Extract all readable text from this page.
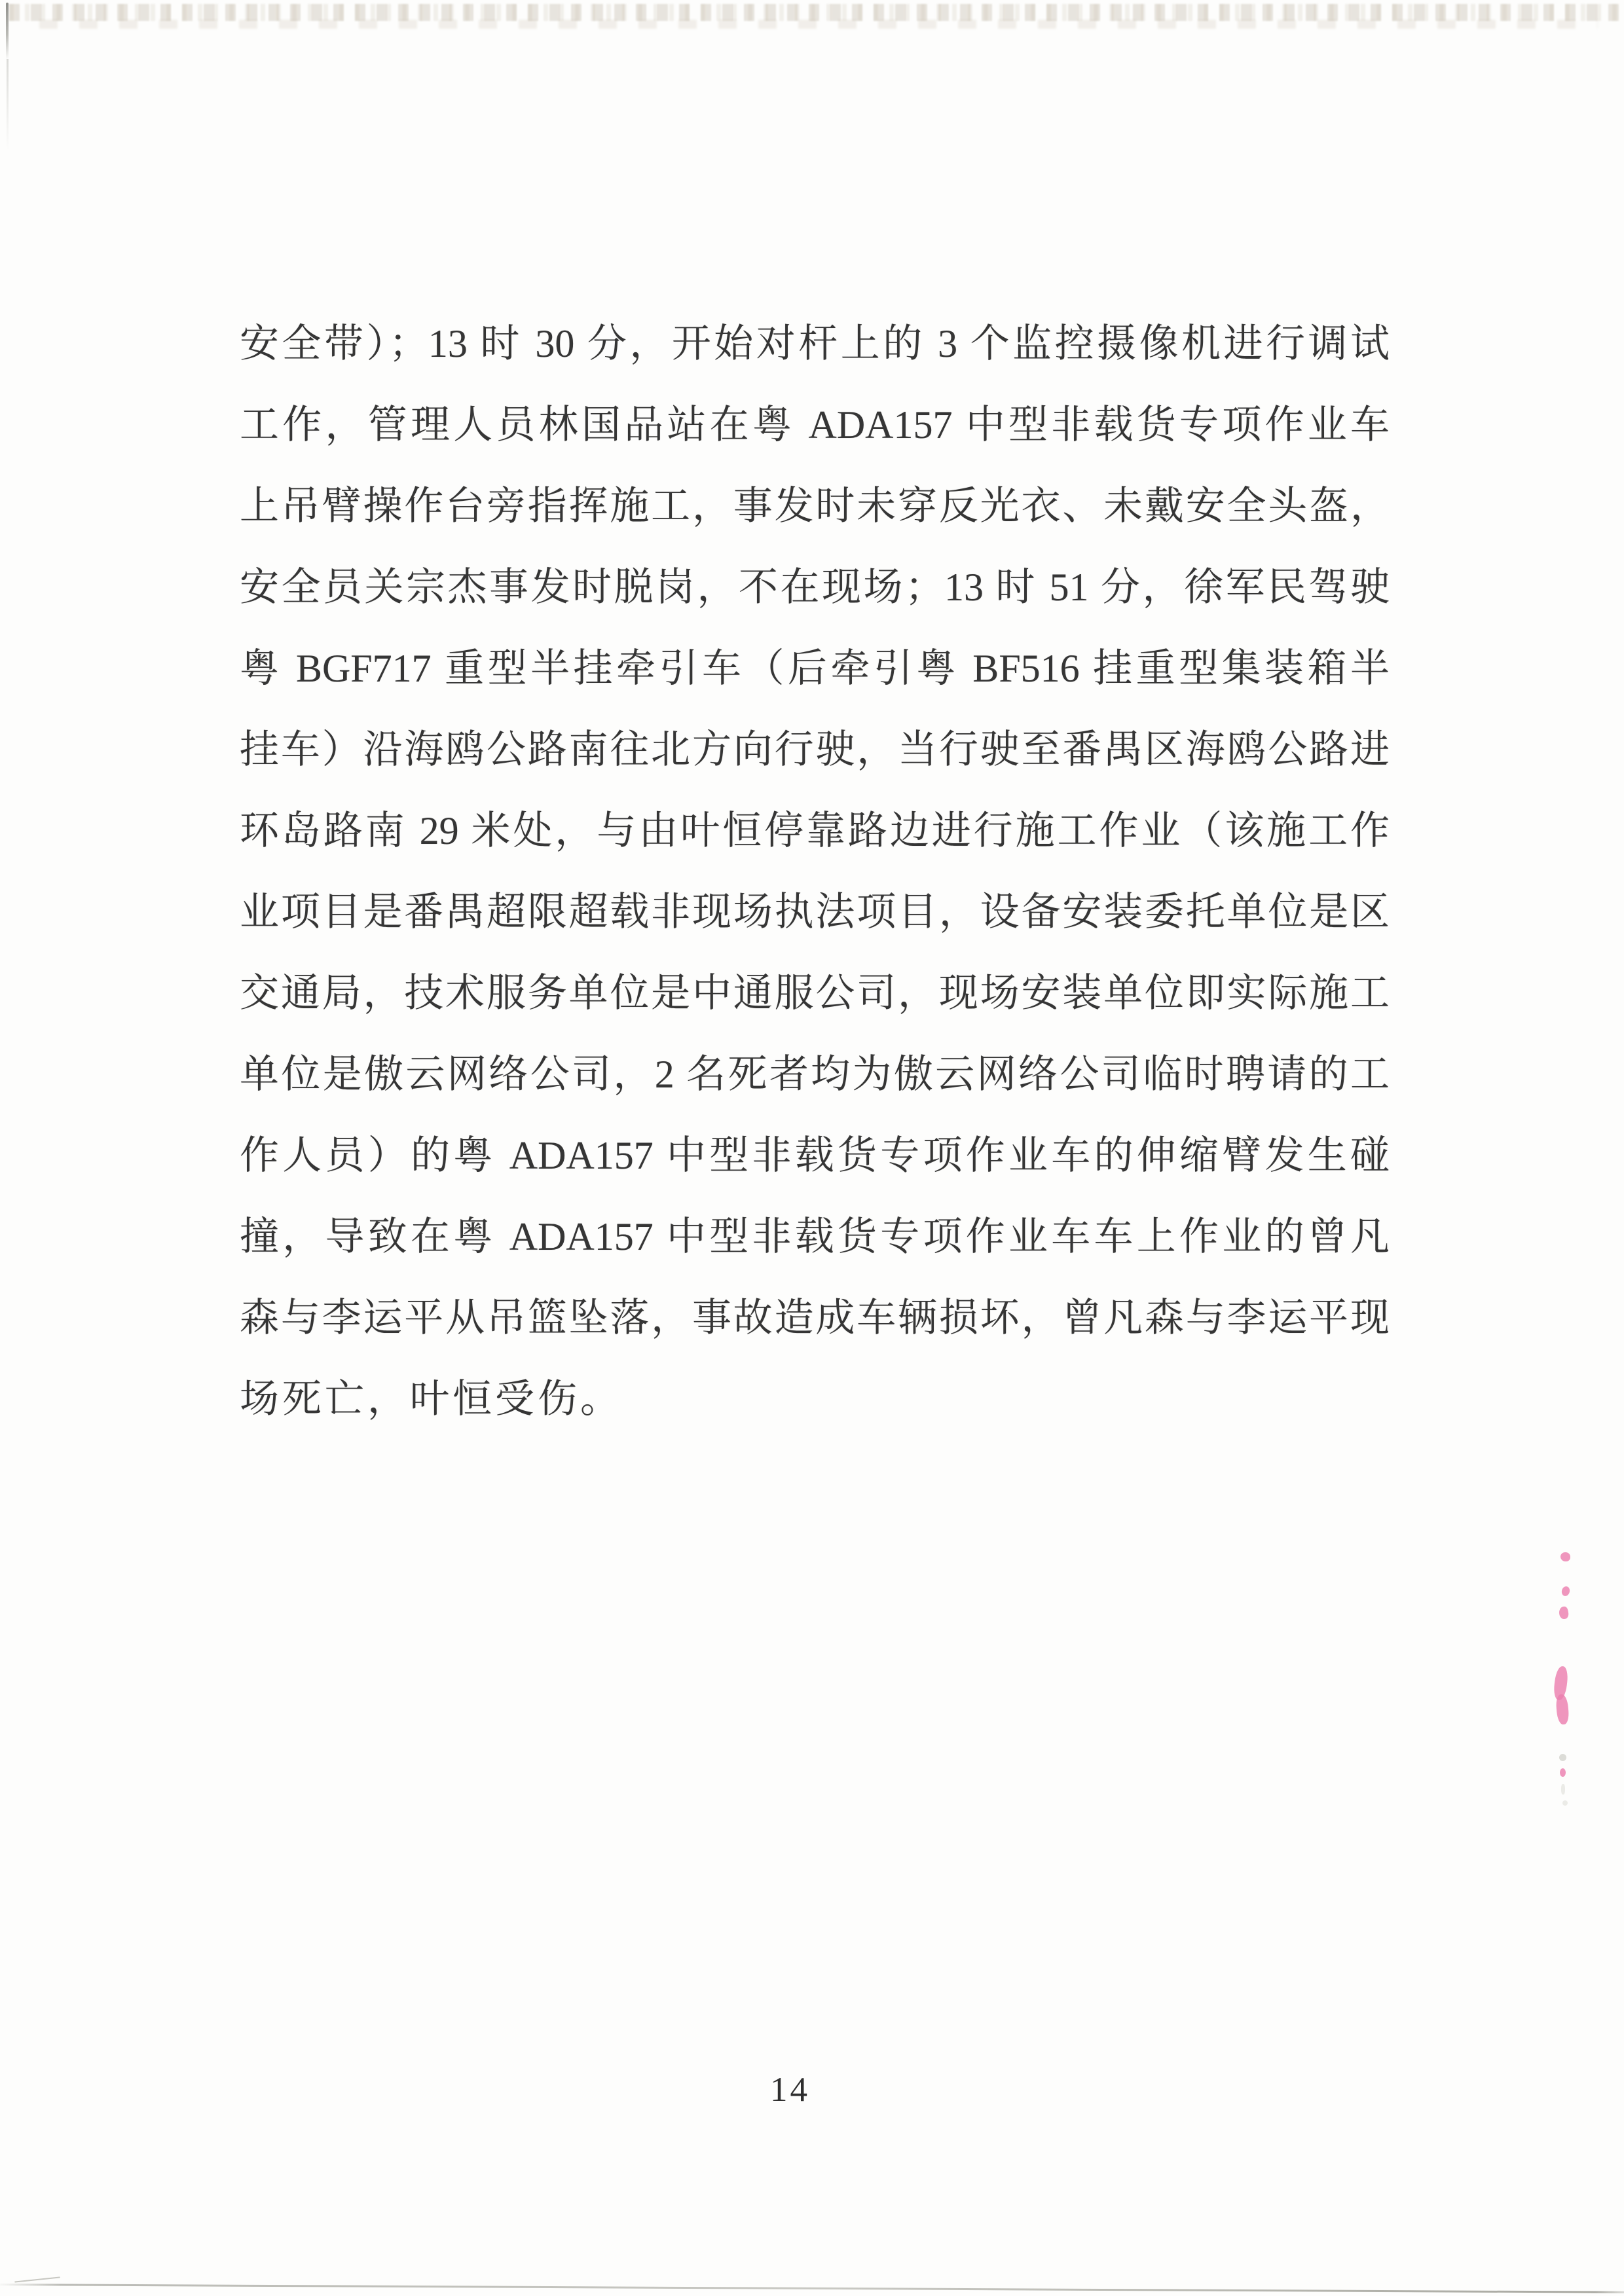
安全带）；13 时 30 分，开始对杆上的 3 个监控摄像机进行调试
工作，管理人员林国品站在粤 ADA157 中型非载货专项作业车
上吊臂操作台旁指挥施工，事发时未穿反光衣、未戴安全头盔，
安全员关宗杰事发时脱岗，不在现场；13 时 51 分，徐军民驾驶
粤 BGF717 重型半挂牵引车（后牵引粤 BF516 挂重型集装箱半
挂车）沿海鸥公路南往北方向行驶，当行驶至番禺区海鸥公路进
环岛路南 29 米处，与由叶恒停靠路边进行施工作业（该施工作
业项目是番禺超限超载非现场执法项目，设备安装委托单位是区
交通局，技术服务单位是中通服公司，现场安装单位即实际施工
单位是傲云网络公司，2 名死者均为傲云网络公司临时聘请的工
作人员）的粤 ADA157 中型非载货专项作业车的伸缩臂发生碰
撞，导致在粤 ADA157 中型非载货专项作业车车上作业的曾凡
森与李运平从吊篮坠落，事故造成车辆损坏，曾凡森与李运平现
场死亡，叶恒受伤。
14
